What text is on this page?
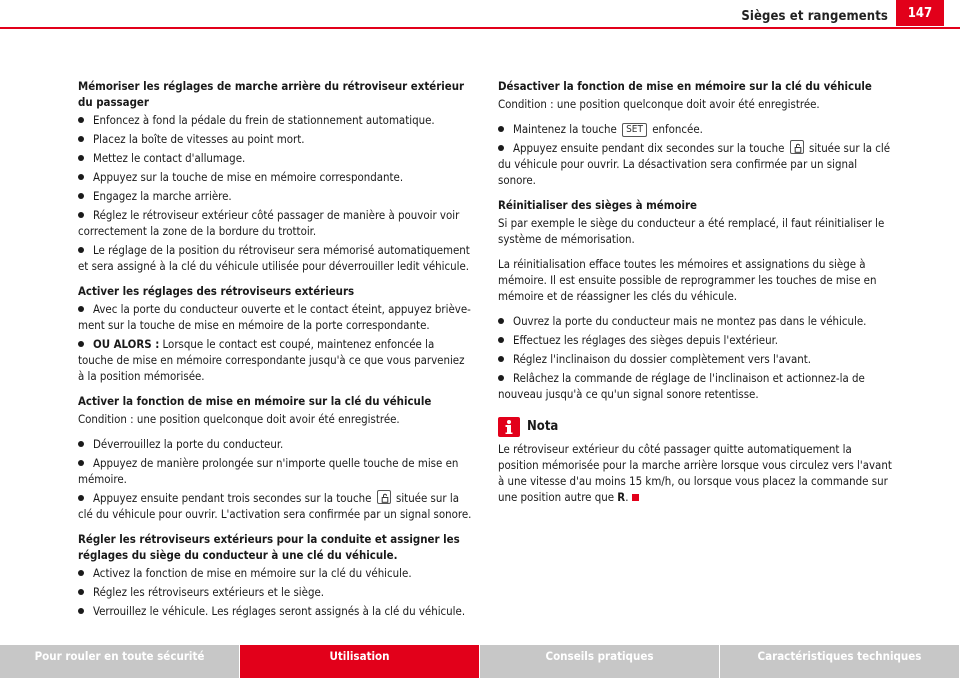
Sièges et rangements	147
Mémoriser les réglages de marche arrière du rétroviseur extérieur du passager
Enfoncez à fond la pédale du frein de stationnement automatique.
Placez la boîte de vitesses au point mort.
Mettez le contact d'allumage.
Appuyez sur la touche de mise en mémoire correspondante.
Engagez la marche arrière.
Réglez le rétroviseur extérieur côté passager de manière à pouvoir voir correctement la zone de la bordure du trottoir.
Le réglage de la position du rétroviseur sera mémorisé automatiquement et sera assigné à la clé du véhicule utilisée pour déverrouiller ledit véhicule.
Activer les réglages des rétroviseurs extérieurs
Avec la porte du conducteur ouverte et le contact éteint, appuyez brièvement sur la touche de mise en mémoire de la porte correspondante.
OU ALORS : Lorsque le contact est coupé, maintenez enfoncée la touche de mise en mémoire correspondante jusqu'à ce que vous parveniez à la position mémorisée.
Activer la fonction de mise en mémoire sur la clé du véhicule
Condition : une position quelconque doit avoir été enregistrée.
Déverrouillez la porte du conducteur.
Appuyez de manière prolongée sur n'importe quelle touche de mise en mémoire.
Appuyez ensuite pendant trois secondes sur la touche
située sur la clé du véhicule pour ouvrir. L'activation sera confirmée par un signal sonore.
Régler les rétroviseurs extérieurs pour la conduite et assigner les réglages du siège du conducteur à une clé du véhicule.
Activez la fonction de mise en mémoire sur la clé du véhicule.
Réglez les rétroviseurs extérieurs et le siège.
Verrouillez le véhicule. Les réglages seront assignés à la clé du véhicule.
Désactiver la fonction de mise en mémoire sur la clé du véhicule
Condition : une position quelconque doit avoir été enregistrée.
Maintenez la touche SET enfoncée.
Appuyez ensuite pendant dix secondes sur la touche
située sur la clé du véhicule pour ouvrir. La désactivation sera confirmée par un signal sonore.
Réinitialiser des sièges à mémoire
Si par exemple le siège du conducteur a été remplacé, il faut réinitialiser le système de mémorisation.
La réinitialisation efface toutes les mémoires et assignations du siège à mémoire. Il est ensuite possible de reprogrammer les touches de mise en mémoire et de réassigner les clés du véhicule.
Ouvrez la porte du conducteur mais ne montez pas dans le véhicule.
Effectuez les réglages des sièges depuis l'extérieur.
Réglez l'inclinaison du dossier complètement vers l'avant.
Relâchez la commande de réglage de l'inclinaison et actionnez-la de nouveau jusqu'à ce qu'un signal sonore retentisse.
Nota
Le rétroviseur extérieur du côté passager quitte automatiquement la position mémorisée pour la marche arrière lorsque vous circulez vers l'avant à une vitesse d'au moins 15 km/h, ou lorsque vous placez la commande sur une position autre que R.
Pour rouler en toute sécurité	Utilisation	Conseils pratiques	Caractéristiques techniques
